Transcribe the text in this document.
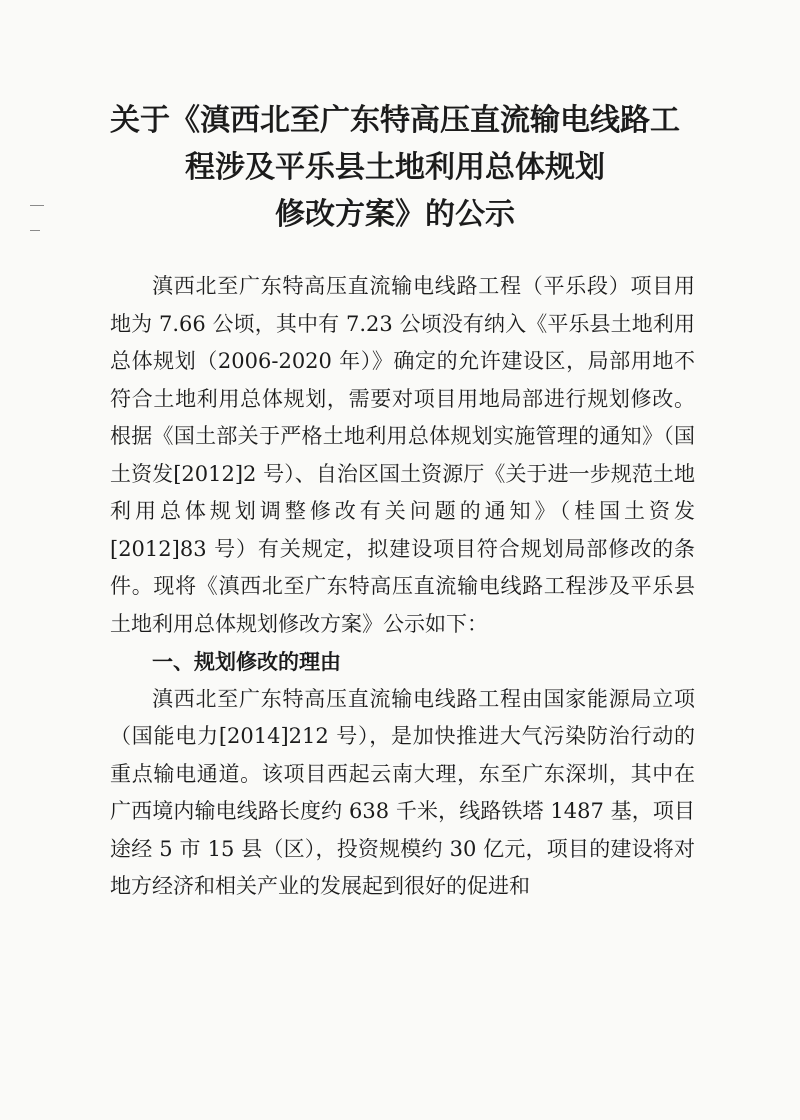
关于《滇西北至广东特高压直流输电线路工
程涉及平乐县土地利用总体规划
修改方案》的公示

滇西北至广东特高压直流输电线路工程（平乐段）项目用地为 7.66 公顷，其中有 7.23 公顷没有纳入《平乐县土地利用总体规划（2006-2020 年）》确定的允许建设区，局部用地不符合土地利用总体规划，需要对项目用地局部进行规划修改。根据《国土部关于严格土地利用总体规划实施管理的通知》（国土资发[2012]2 号）、自治区国土资源厅《关于进一步规范土地利用总体规划调整修改有关问题的通知》（桂国土资发[2012]83 号）有关规定，拟建设项目符合规划局部修改的条件。现将《滇西北至广东特高压直流输电线路工程涉及平乐县土地利用总体规划修改方案》公示如下：

一、规划修改的理由

滇西北至广东特高压直流输电线路工程由国家能源局立项（国能电力[2014]212 号），是加快推进大气污染防治行动的重点输电通道。该项目西起云南大理，东至广东深圳，其中在广西境内输电线路长度约 638 千米，线路铁塔 1487 基，项目途经 5 市 15 县（区），投资规模约 30 亿元，项目的建设将对地方经济和相关产业的发展起到很好的促进和
